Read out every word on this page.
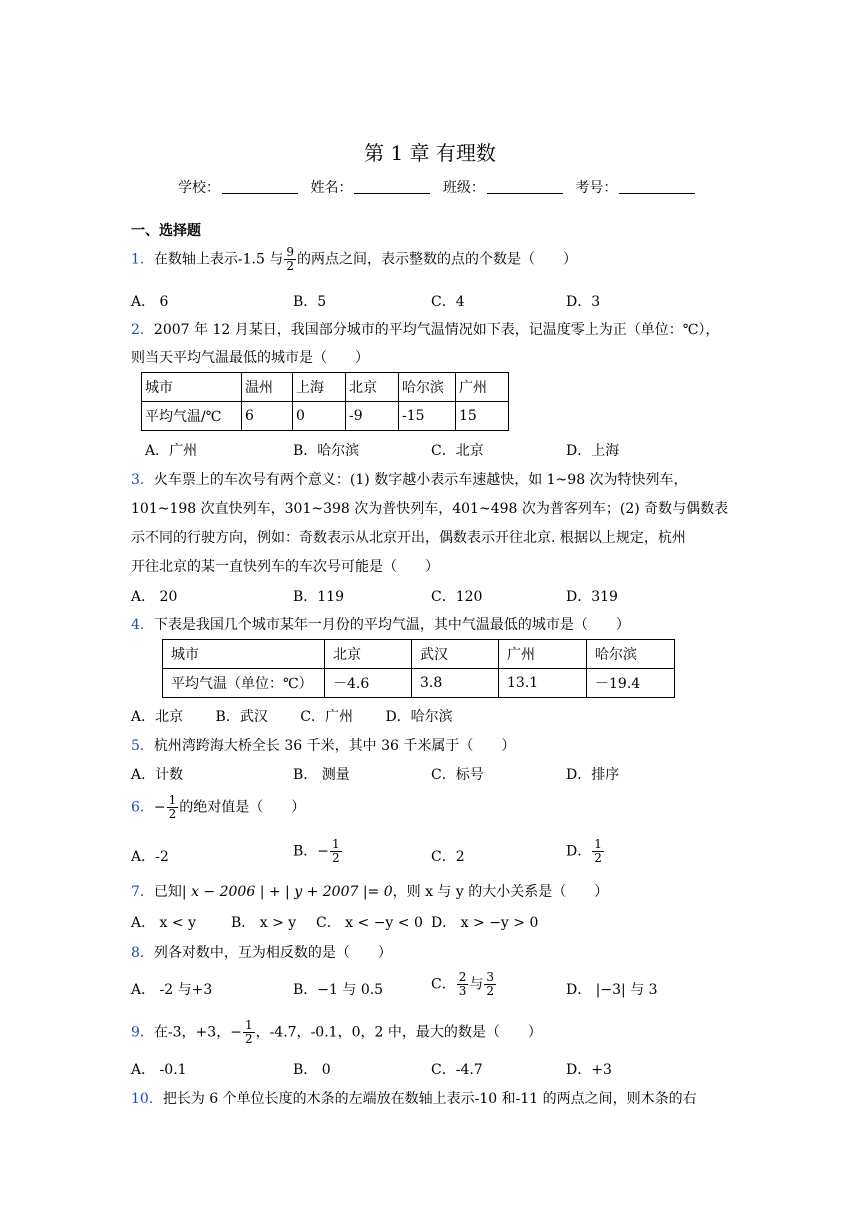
第 1 章 有理数
学校：	姓名：	班级：	考号：
一、选择题
1．在数轴上表示-1.5 与 $\frac{9}{2}$ 的两点之间，表示整数的点的个数是（　　）
A． 6	B．5	C．4	D．3
2．2007 年 12 月某日，我国部分城市的平均气温情况如下表，记温度零上为正（单位：℃），
则当天平均气温最低的城市是（　　）
城市	温州	上海	北京	哈尔滨	广州
平均气温/℃	6	0	-9	-15	15
A．广州	B．哈尔滨	C．北京	D．上海
3．火车票上的车次号有两个意义：(1) 数字越小表示车速越快，如 1~98 次为特快列车，
101~198 次直快列车，301~398 次为普快列车，401~498 次为普客列车；(2) 奇数与偶数表
示不同的行驶方向，例如：奇数表示从北京开出，偶数表示开往北京. 根据以上规定，杭州
开往北京的某一直快列车的车次号可能是（　　）
A． 20	B．119	C．120	D．319
4．下表是我国几个城市某年一月份的平均气温，其中气温最低的城市是（　　）
城市	北京	武汉	广州	哈尔滨
平均气温（单位：℃）	－4.6	3.8	13.1	－19.4
A．北京　　 B．武汉　　 C．广州　　 D．哈尔滨
5．杭州湾跨海大桥全长 36 千米，其中 36 千米属于（　　）
A．计数	B． 测量	C．标号	D．排序
6．− $\frac{1}{2}$ 的绝对值是（　　）
A．-2	B．− $\frac{1}{2}$	C．2	D． $\frac{1}{2}$
7．已知| x − 2006 | + | y + 2007 |= 0，则 x 与 y 的大小关系是（　　）
A． x < y	B． x > y C． x < −y < 0 D． x > −y > 0
8．列各对数中，互为相反数的是（　　）
A． -2 与+3	B．−1 与 0.5	C． $\frac{2}{3}$ 与 $\frac{3}{2}$	D． |−3| 与 3
9．在-3，+3，− $\frac{1}{2}$ ，-4.7，-0.1，0，2 中，最大的数是（　　）
A． -0.1	B． 0	C．-4.7	D．+3
10．把长为 6 个单位长度的木条的左端放在数轴上表示-10 和-11 的两点之间，则木条的右
